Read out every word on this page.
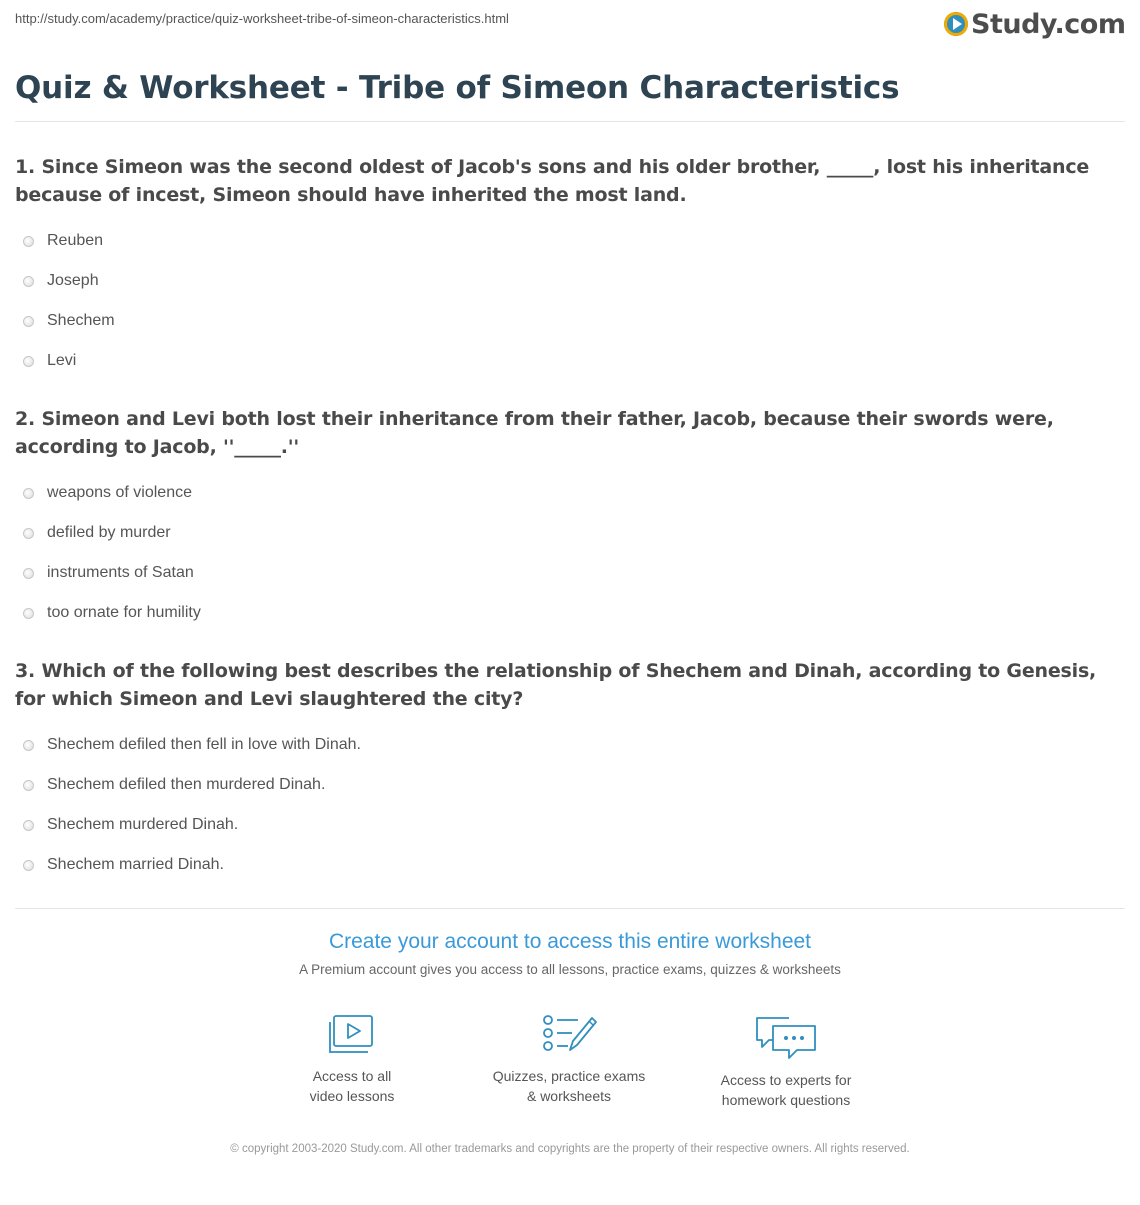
http://study.com/academy/practice/quiz-worksheet-tribe-of-simeon-characteristics.html	Study.com
Quiz & Worksheet - Tribe of Simeon Characteristics

1. Since Simeon was the second oldest of Jacob's sons and his older brother, _____, lost his inheritance because of incest, Simeon should have inherited the most land.

Reuben
Joseph
Shechem
Levi

2. Simeon and Levi both lost their inheritance from their father, Jacob, because their swords were, according to Jacob, ''_____.''

weapons of violence
defiled by murder
instruments of Satan
too ornate for humility

3. Which of the following best describes the relationship of Shechem and Dinah, according to Genesis, for which Simeon and Levi slaughtered the city?

Shechem defiled then fell in love with Dinah.
Shechem defiled then murdered Dinah.
Shechem murdered Dinah.
Shechem married Dinah.
Create your account to access this entire worksheet
A Premium account gives you access to all lessons, practice exams, quizzes & worksheets
Access to all
video lessons
Quizzes, practice exams
& worksheets
Access to experts for
homework questions
© copyright 2003-2020 Study.com. All other trademarks and copyrights are the property of their respective owners. All rights reserved.
